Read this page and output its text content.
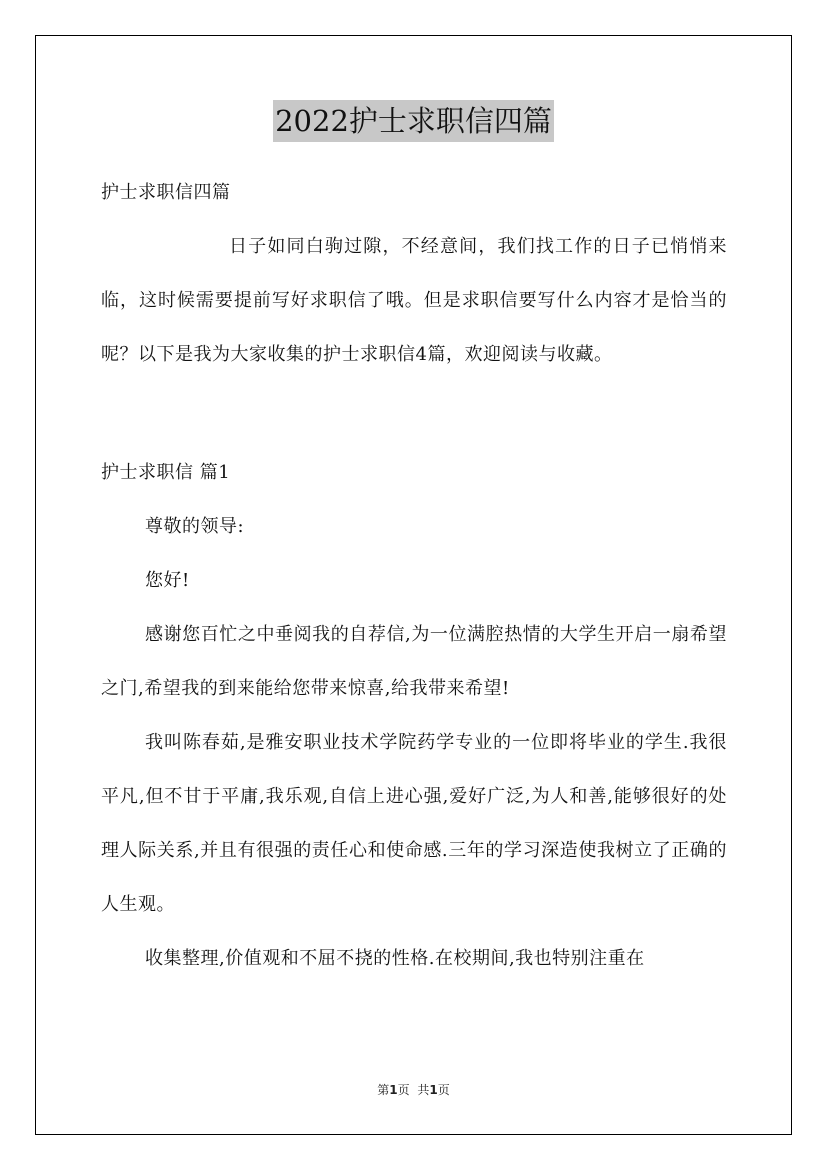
2022护士求职信四篇

护士求职信四篇

日子如同白驹过隙，不经意间，我们找工作的日子已悄悄来临，这时候需要提前写好求职信了哦。但是求职信要写什么内容才是恰当的呢？以下是我为大家收集的护士求职信4篇，欢迎阅读与收藏。

护士求职信 篇1

尊敬的领导:

您好!

感谢您百忙之中垂阅我的自荐信,为一位满腔热情的大学生开启一扇希望之门,希望我的到来能给您带来惊喜,给我带来希望!

我叫陈春茹,是雅安职业技术学院药学专业的一位即将毕业的学生.我很平凡,但不甘于平庸,我乐观,自信上进心强,爱好广泛,为人和善,能够很好的处理人际关系,并且有很强的责任心和使命感.三年的学习深造使我树立了正确的人生观。

收集整理,价值观和不屈不挠的性格.在校期间,我也特别注重在

第1页 共1页
